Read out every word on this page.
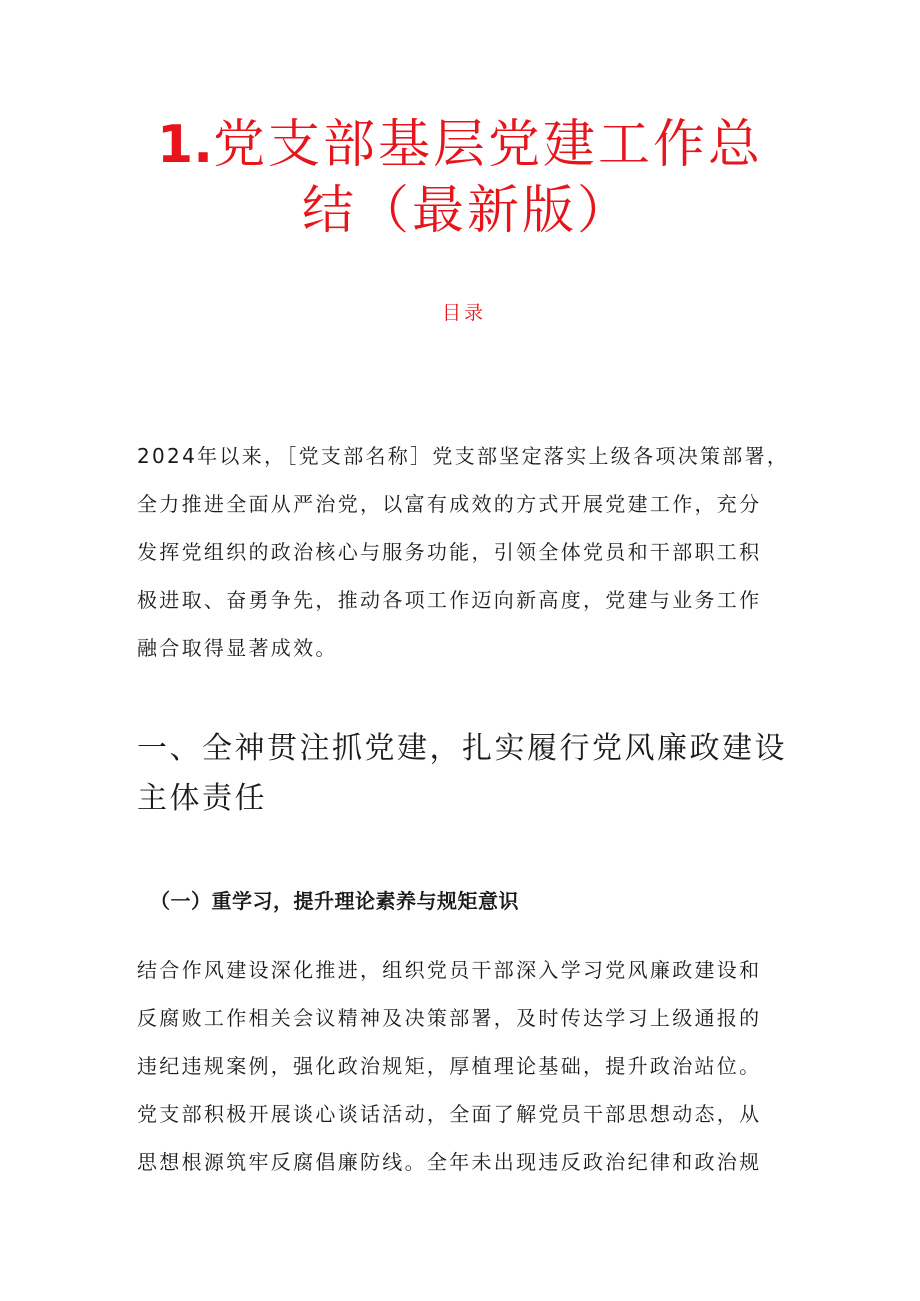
1.党支部基层党建工作总
结（最新版）
目录

2024年以来，［党支部名称］党支部坚定落实上级各项决策部署，
全力推进全面从严治党，以富有成效的方式开展党建工作，充分
发挥党组织的政治核心与服务功能，引领全体党员和干部职工积
极进取、奋勇争先，推动各项工作迈向新高度，党建与业务工作
融合取得显著成效。

一、全神贯注抓党建，扎实履行党风廉政建设
主体责任
（一）重学习，提升理论素养与规矩意识

结合作风建设深化推进，组织党员干部深入学习党风廉政建设和
反腐败工作相关会议精神及决策部署，及时传达学习上级通报的
违纪违规案例，强化政治规矩，厚植理论基础，提升政治站位。
党支部积极开展谈心谈话活动，全面了解党员干部思想动态，从
思想根源筑牢反腐倡廉防线。全年未出现违反政治纪律和政治规
